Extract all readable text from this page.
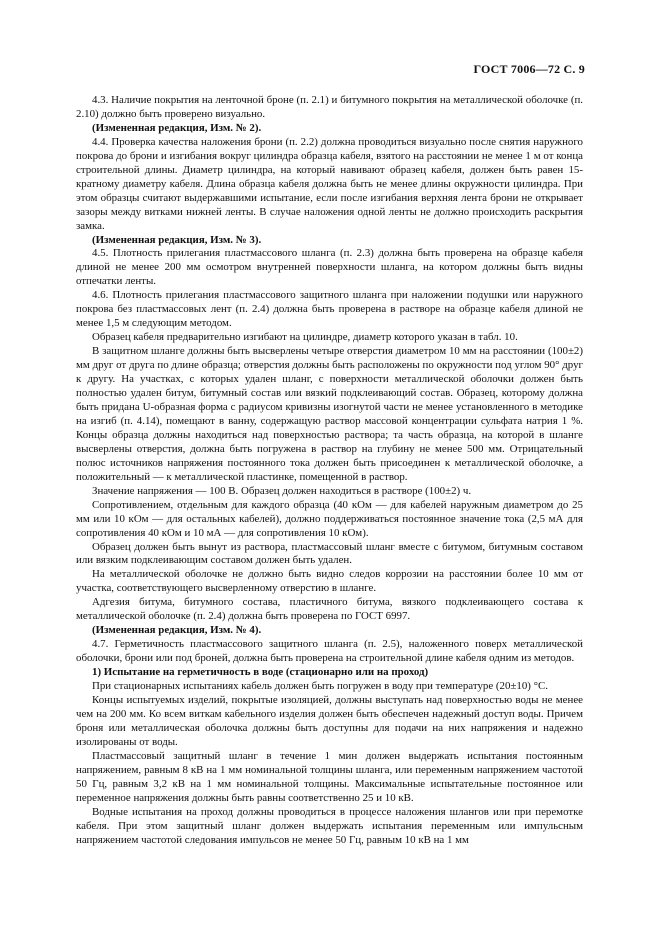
ГОСТ 7006—72 С. 9

4.3. Наличие покрытия на ленточной броне (п. 2.1) и битумного покрытия на металлической оболочке (п. 2.10) должно быть проверено визуально.

(Измененная редакция, Изм. № 2).

4.4. Проверка качества наложения брони (п. 2.2) должна проводиться визуально после снятия наружного покрова до брони и изгибания вокруг цилиндра образца кабеля, взятого на расстоянии не менее 1 м от конца строительной длины. Диаметр цилиндра, на который навивают образец кабеля, должен быть равен 15-кратному диаметру кабеля. Длина образца кабеля должна быть не менее длины окружности цилиндра. При этом образцы считают выдержавшими испытание, если после изгибания верхняя лента брони не открывает зазоры между витками нижней ленты. В случае наложения одной ленты не должно происходить раскрытия замка.

(Измененная редакция, Изм. № 3).

4.5. Плотность прилегания пластмассового шланга (п. 2.3) должна быть проверена на образце кабеля длиной не менее 200 мм осмотром внутренней поверхности шланга, на котором должны быть видны отпечатки ленты.

4.6. Плотность прилегания пластмассового защитного шланга при наложении подушки или наружного покрова без пластмассовых лент (п. 2.4) должна быть проверена в растворе на образце кабеля длиной не менее 1,5 м следующим методом.

Образец кабеля предварительно изгибают на цилиндре, диаметр которого указан в табл. 10.

В защитном шланге должны быть высверлены четыре отверстия диаметром 10 мм на расстоянии (100±2) мм друг от друга по длине образца; отверстия должны быть расположены по окружности под углом 90° друг к другу. На участках, с которых удален шланг, с поверхности металлической оболочки должен быть полностью удален битум, битумный состав или вязкий подклеивающий состав. Образец, которому должна быть придана U-образная форма с радиусом кривизны изогнутой части не менее установленного в методике на изгиб (п. 4.14), помещают в ванну, содержащую раствор массовой концентрации сульфата натрия 1 %. Концы образца должны находиться над поверхностью раствора; та часть образца, на которой в шланге высверлены отверстия, должна быть погружена в раствор на глубину не менее 500 мм. Отрицательный полюс источников напряжения постоянного тока должен быть присоединен к металлической оболочке, а положительный — к металлической пластинке, помещенной в раствор.

Значение напряжения — 100 В. Образец должен находиться в растворе (100±2) ч.

Сопротивлением, отдельным для каждого образца (40 кОм — для кабелей наружным диаметром до 25 мм или 10 кОм — для остальных кабелей), должно поддерживаться постоянное значение тока (2,5 мА для сопротивления 40 кОм и 10 мА — для сопротивления 10 кОм).

Образец должен быть вынут из раствора, пластмассовый шланг вместе с битумом, битумным составом или вязким подклеивающим составом должен быть удален.

На металлической оболочке не должно быть видно следов коррозии на расстоянии более 10 мм от участка, соответствующего высверленному отверстию в шланге.

Адгезия битума, битумного состава, пластичного битума, вязкого подклеивающего состава к металлической оболочке (п. 2.4) должна быть проверена по ГОСТ 6997.

(Измененная редакция, Изм. № 4).

4.7. Герметичность пластмассового защитного шланга (п. 2.5), наложенного поверх металлической оболочки, брони или под броней, должна быть проверена на строительной длине кабеля одним из методов.

1) Испытание на герметичность в воде (стационарно или на проход)

При стационарных испытаниях кабель должен быть погружен в воду при температуре (20±10) °С.

Концы испытуемых изделий, покрытые изоляцией, должны выступать над поверхностью воды не менее чем на 200 мм. Ко всем виткам кабельного изделия должен быть обеспечен надежный доступ воды. Причем броня или металлическая оболочка должны быть доступны для подачи на них напряжения и надежно изолированы от воды.

Пластмассовый защитный шланг в течение 1 мин должен выдержать испытания постоянным напряжением, равным 8 кВ на 1 мм номинальной толщины шланга, или переменным напряжением частотой 50 Гц, равным 3,2 кВ на 1 мм номинальной толщины. Максимальные испытательные постоянное или переменное напряжения должны быть равны соответственно 25 и 10 кВ.

Водные испытания на проход должны проводиться в процессе наложения шлангов или при перемотке кабеля. При этом защитный шланг должен выдержать испытания переменным или импульсным напряжением частотой следования импульсов не менее 50 Гц, равным 10 кВ на 1 мм
